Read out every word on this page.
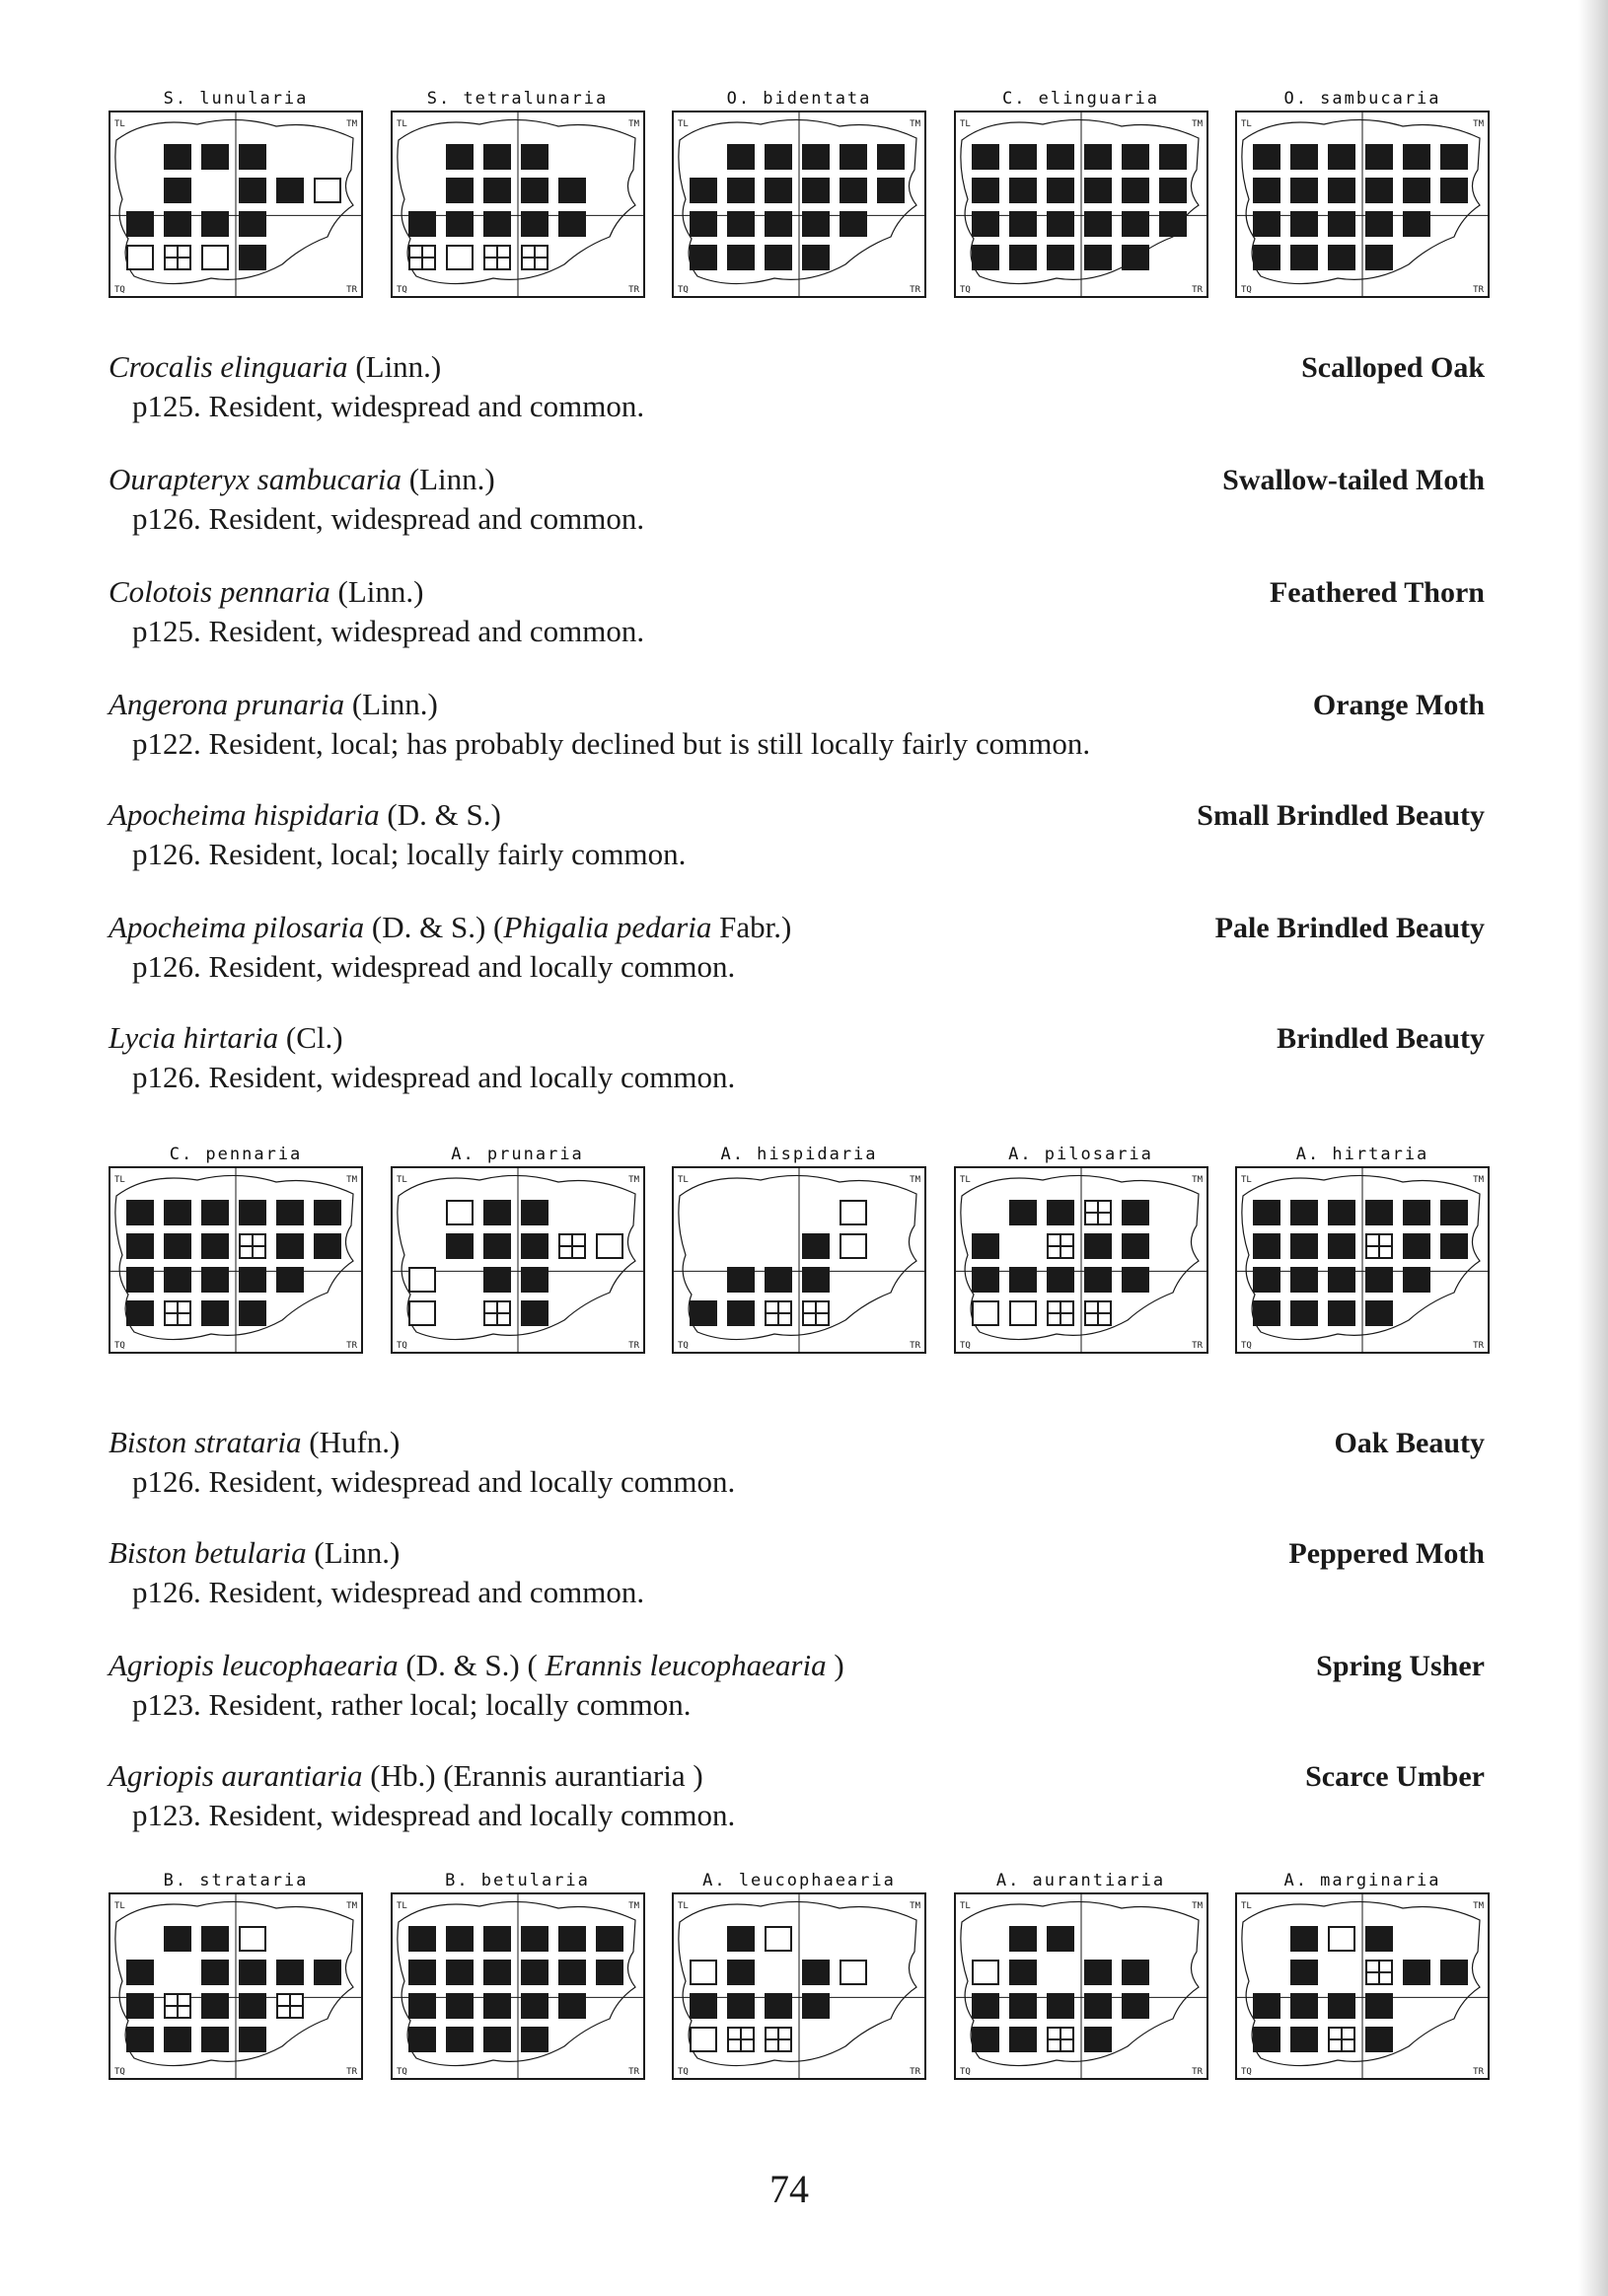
S. lunularia
TL	TM
TQ	TR
S. tetralunaria
TL	TM
TQ	TR
O. bidentata
TL	TM
TQ	TR
C. elinguaria
TL	TM
TQ	TR
O. sambucaria
TL	TM
TQ	TR
Crocalis elinguaria (Linn.)	Scalloped Oak
p125. Resident, widespread and common.
Ourapteryx sambucaria (Linn.)	Swallow-tailed Moth
p126. Resident, widespread and common.
Colotois pennaria (Linn.)	Feathered Thorn
p125. Resident, widespread and common.
Angerona prunaria (Linn.)	Orange Moth
p122. Resident, local; has probably declined but is still locally fairly common.
Apocheima hispidaria (D. & S.)	Small Brindled Beauty
p126. Resident, local; locally fairly common.
Apocheima pilosaria (D. & S.) (Phigalia pedaria Fabr.)	Pale Brindled Beauty
p126. Resident, widespread and locally common.
Lycia hirtaria (Cl.)	Brindled Beauty
p126. Resident, widespread and locally common.
C. pennaria
TL	TM
TQ	TR
A. prunaria
TL	TM
TQ	TR
A. hispidaria
TL	TM
TQ	TR
A. pilosaria
TL	TM
TQ	TR
A. hirtaria
TL	TM
TQ	TR
Biston strataria (Hufn.)	Oak Beauty
p126. Resident, widespread and locally common.
Biston betularia (Linn.)	Peppered Moth
p126. Resident, widespread and common.
Agriopis leucophaearia (D. & S.) ( Erannis leucophaearia )	Spring Usher
p123. Resident, rather local; locally common.
Agriopis aurantiaria (Hb.) (Erannis aurantiaria )	Scarce Umber
p123. Resident, widespread and locally common.
B. strataria
TL	TM
TQ	TR
B. betularia
TL	TM
TQ	TR
A. leucophaearia
TL	TM
TQ	TR
A. aurantiaria
TL	TM
TQ	TR
A. marginaria
TL	TM
TQ	TR
74
